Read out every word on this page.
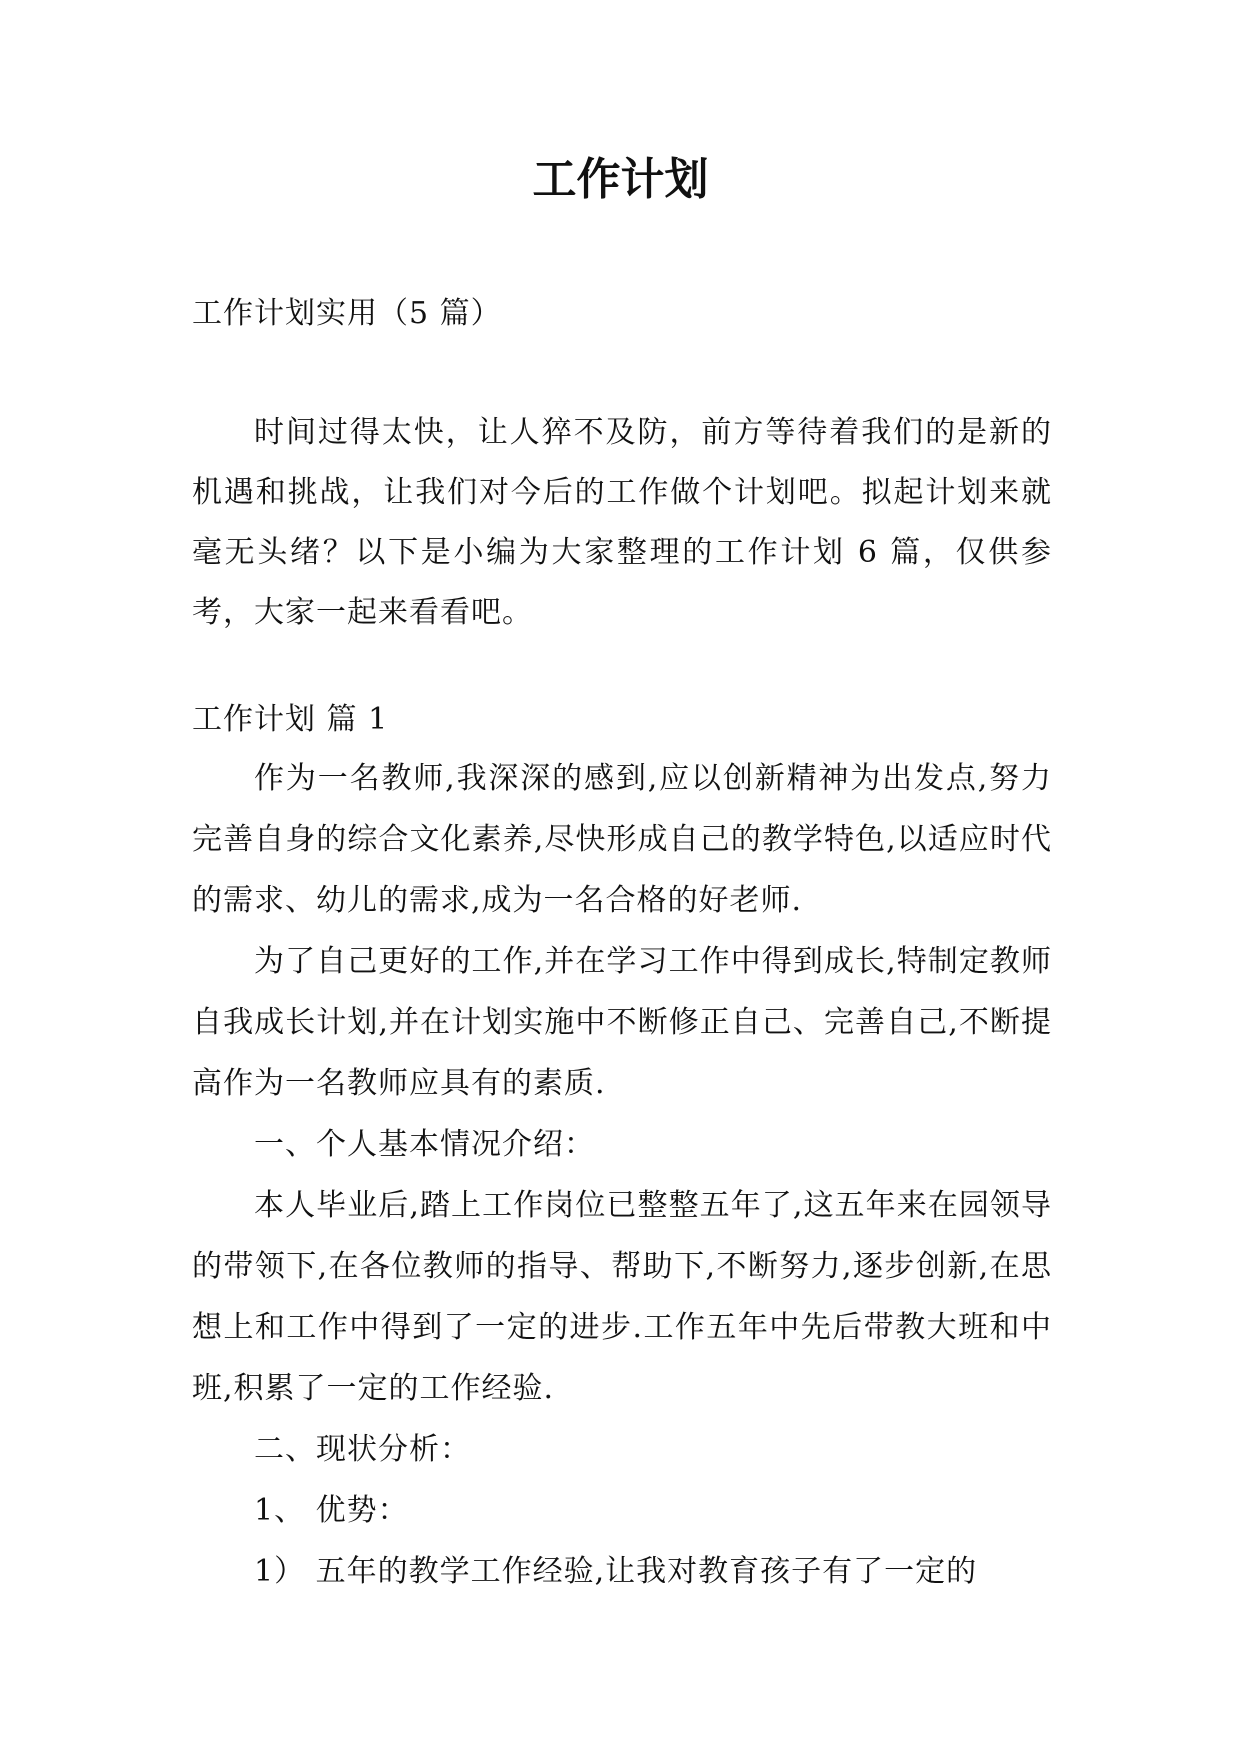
工作计划
工作计划实用（5 篇）

时间过得太快，让人猝不及防，前方等待着我们的是新的机遇和挑战，让我们对今后的工作做个计划吧。拟起计划来就毫无头绪？以下是小编为大家整理的工作计划 6 篇，仅供参考，大家一起来看看吧。

工作计划 篇 1

作为一名教师,我深深的感到,应以创新精神为出发点,努力完善自身的综合文化素养,尽快形成自己的教学特色,以适应时代的需求、幼儿的需求,成为一名合格的好老师.

为了自己更好的工作,并在学习工作中得到成长,特制定教师自我成长计划,并在计划实施中不断修正自己、完善自己,不断提高作为一名教师应具有的素质.

一、个人基本情况介绍：

本人毕业后,踏上工作岗位已整整五年了,这五年来在园领导的带领下,在各位教师的指导、帮助下,不断努力,逐步创新,在思想上和工作中得到了一定的进步.工作五年中先后带教大班和中班,积累了一定的工作经验.

二、现状分析：

1、 优势：

1） 五年的教学工作经验,让我对教育孩子有了一定的
